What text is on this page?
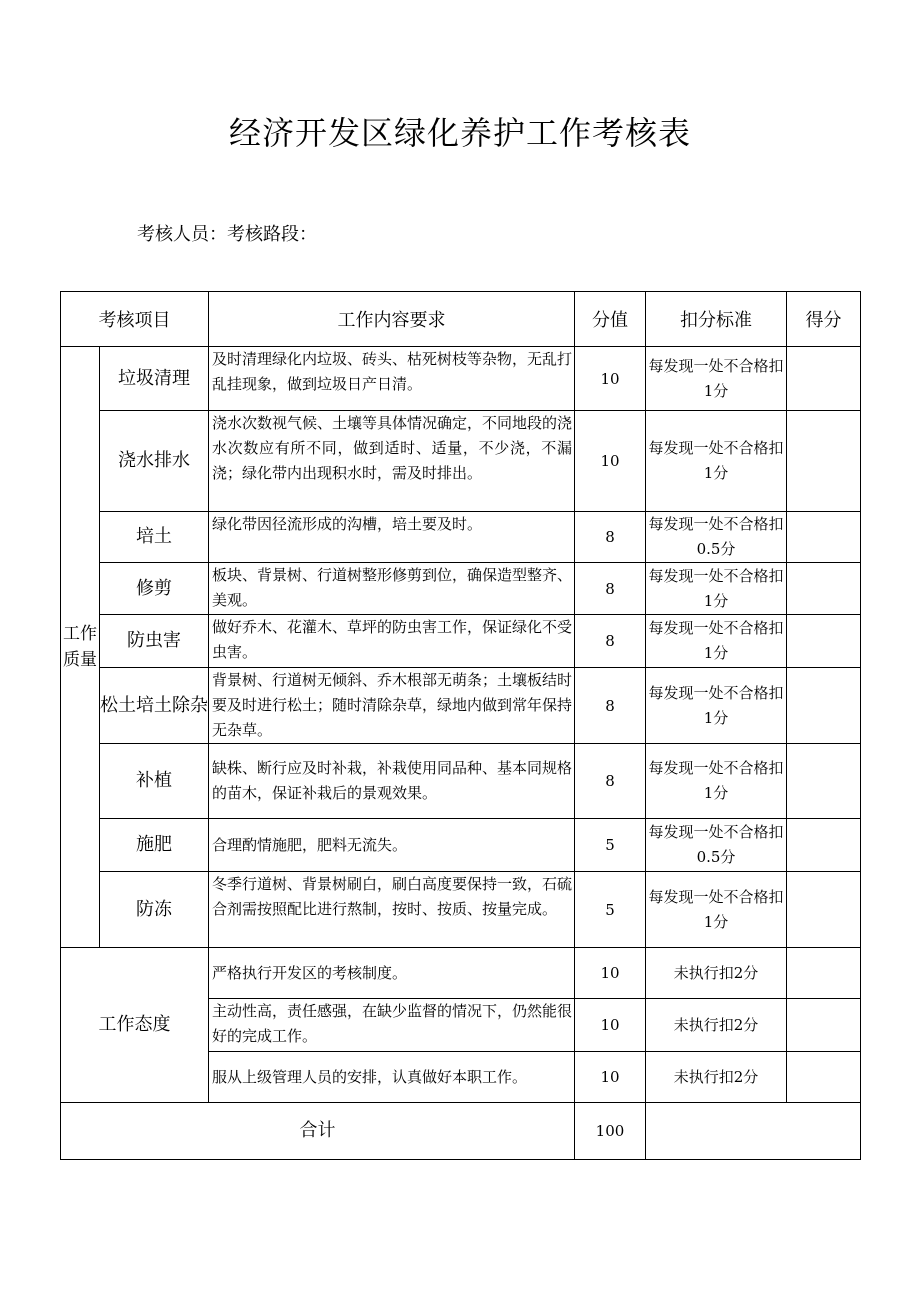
经济开发区绿化养护工作考核表
考核人员：考核路段：
考核项目		工作内容要求	分值	扣分标准	得分
工作质量	垃圾清理	及时清理绿化内垃圾、砖头、枯死树枝等杂物，无乱打乱挂现象，做到垃圾日产日清。	10	每发现一处不合格扣1分	
	浇水排水	浇水次数视气候、土壤等具体情况确定，不同地段的浇水次数应有所不同，做到适时、适量，不少浇，不漏浇；绿化带内出现积水时，需及时排出。	10	每发现一处不合格扣1分	
	培土	绿化带因径流形成的沟槽，培土要及时。	8	每发现一处不合格扣0.5分	
	修剪	板块、背景树、行道树整形修剪到位，确保造型整齐、美观。	8	每发现一处不合格扣1分	
	防虫害	做好乔木、花灌木、草坪的防虫害工作，保证绿化不受虫害。	8	每发现一处不合格扣1分	
	松土培土除杂	背景树、行道树无倾斜、乔木根部无萌条；土壤板结时要及时进行松土；随时清除杂草，绿地内做到常年保持无杂草。	8	每发现一处不合格扣1分	
	补植	缺株、断行应及时补栽，补栽使用同品种、基本同规格的苗木，保证补栽后的景观效果。	8	每发现一处不合格扣1分	
	施肥	合理酌情施肥，肥料无流失。	5	每发现一处不合格扣0.5分	
	防冻	冬季行道树、背景树刷白，刷白高度要保持一致，石硫合剂需按照配比进行熬制，按时、按质、按量完成。	5	每发现一处不合格扣1分	
工作态度		严格执行开发区的考核制度。	10	未执行扣2分	
		主动性高，责任感强，在缺少监督的情况下，仍然能很好的完成工作。	10	未执行扣2分	
		服从上级管理人员的安排，认真做好本职工作。	10	未执行扣2分	
合计			100		
